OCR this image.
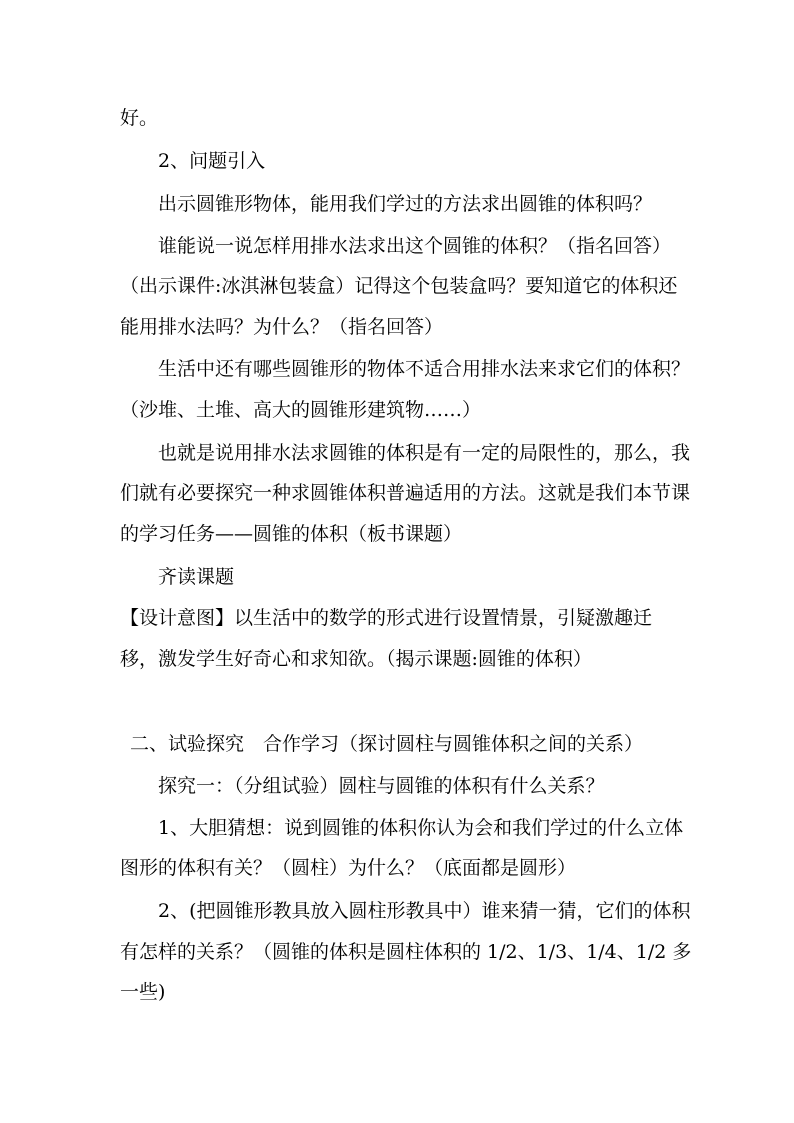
好。
2、问题引入
出示圆锥形物体，能用我们学过的方法求出圆锥的体积吗？
谁能说一说怎样用排水法求出这个圆锥的体积？（指名回答）
（出示课件:冰淇淋包装盒）记得这个包装盒吗？要知道它的体积还
能用排水法吗？为什么？（指名回答）
生活中还有哪些圆锥形的物体不适合用排水法来求它们的体积？
（沙堆、土堆、高大的圆锥形建筑物……）
也就是说用排水法求圆锥的体积是有一定的局限性的，那么，我
们就有必要探究一种求圆锥体积普遍适用的方法。这就是我们本节课
的学习任务——圆锥的体积（板书课题）
齐读课题
【设计意图】以生活中的数学的形式进行设置情景，引疑激趣迁
移，激发学生好奇心和求知欲。（揭示课题:圆锥的体积）
二、试验探究　合作学习（探讨圆柱与圆锥体积之间的关系）
探究一：（分组试验）圆柱与圆锥的体积有什么关系？
1、大胆猜想：说到圆锥的体积你认为会和我们学过的什么立体
图形的体积有关？（圆柱）为什么？（底面都是圆形）
2、(把圆锥形教具放入圆柱形教具中）谁来猜一猜，它们的体积
有怎样的关系？（圆锥的体积是圆柱体积的 1/2、1/3、1/4、1/2 多
一些)
